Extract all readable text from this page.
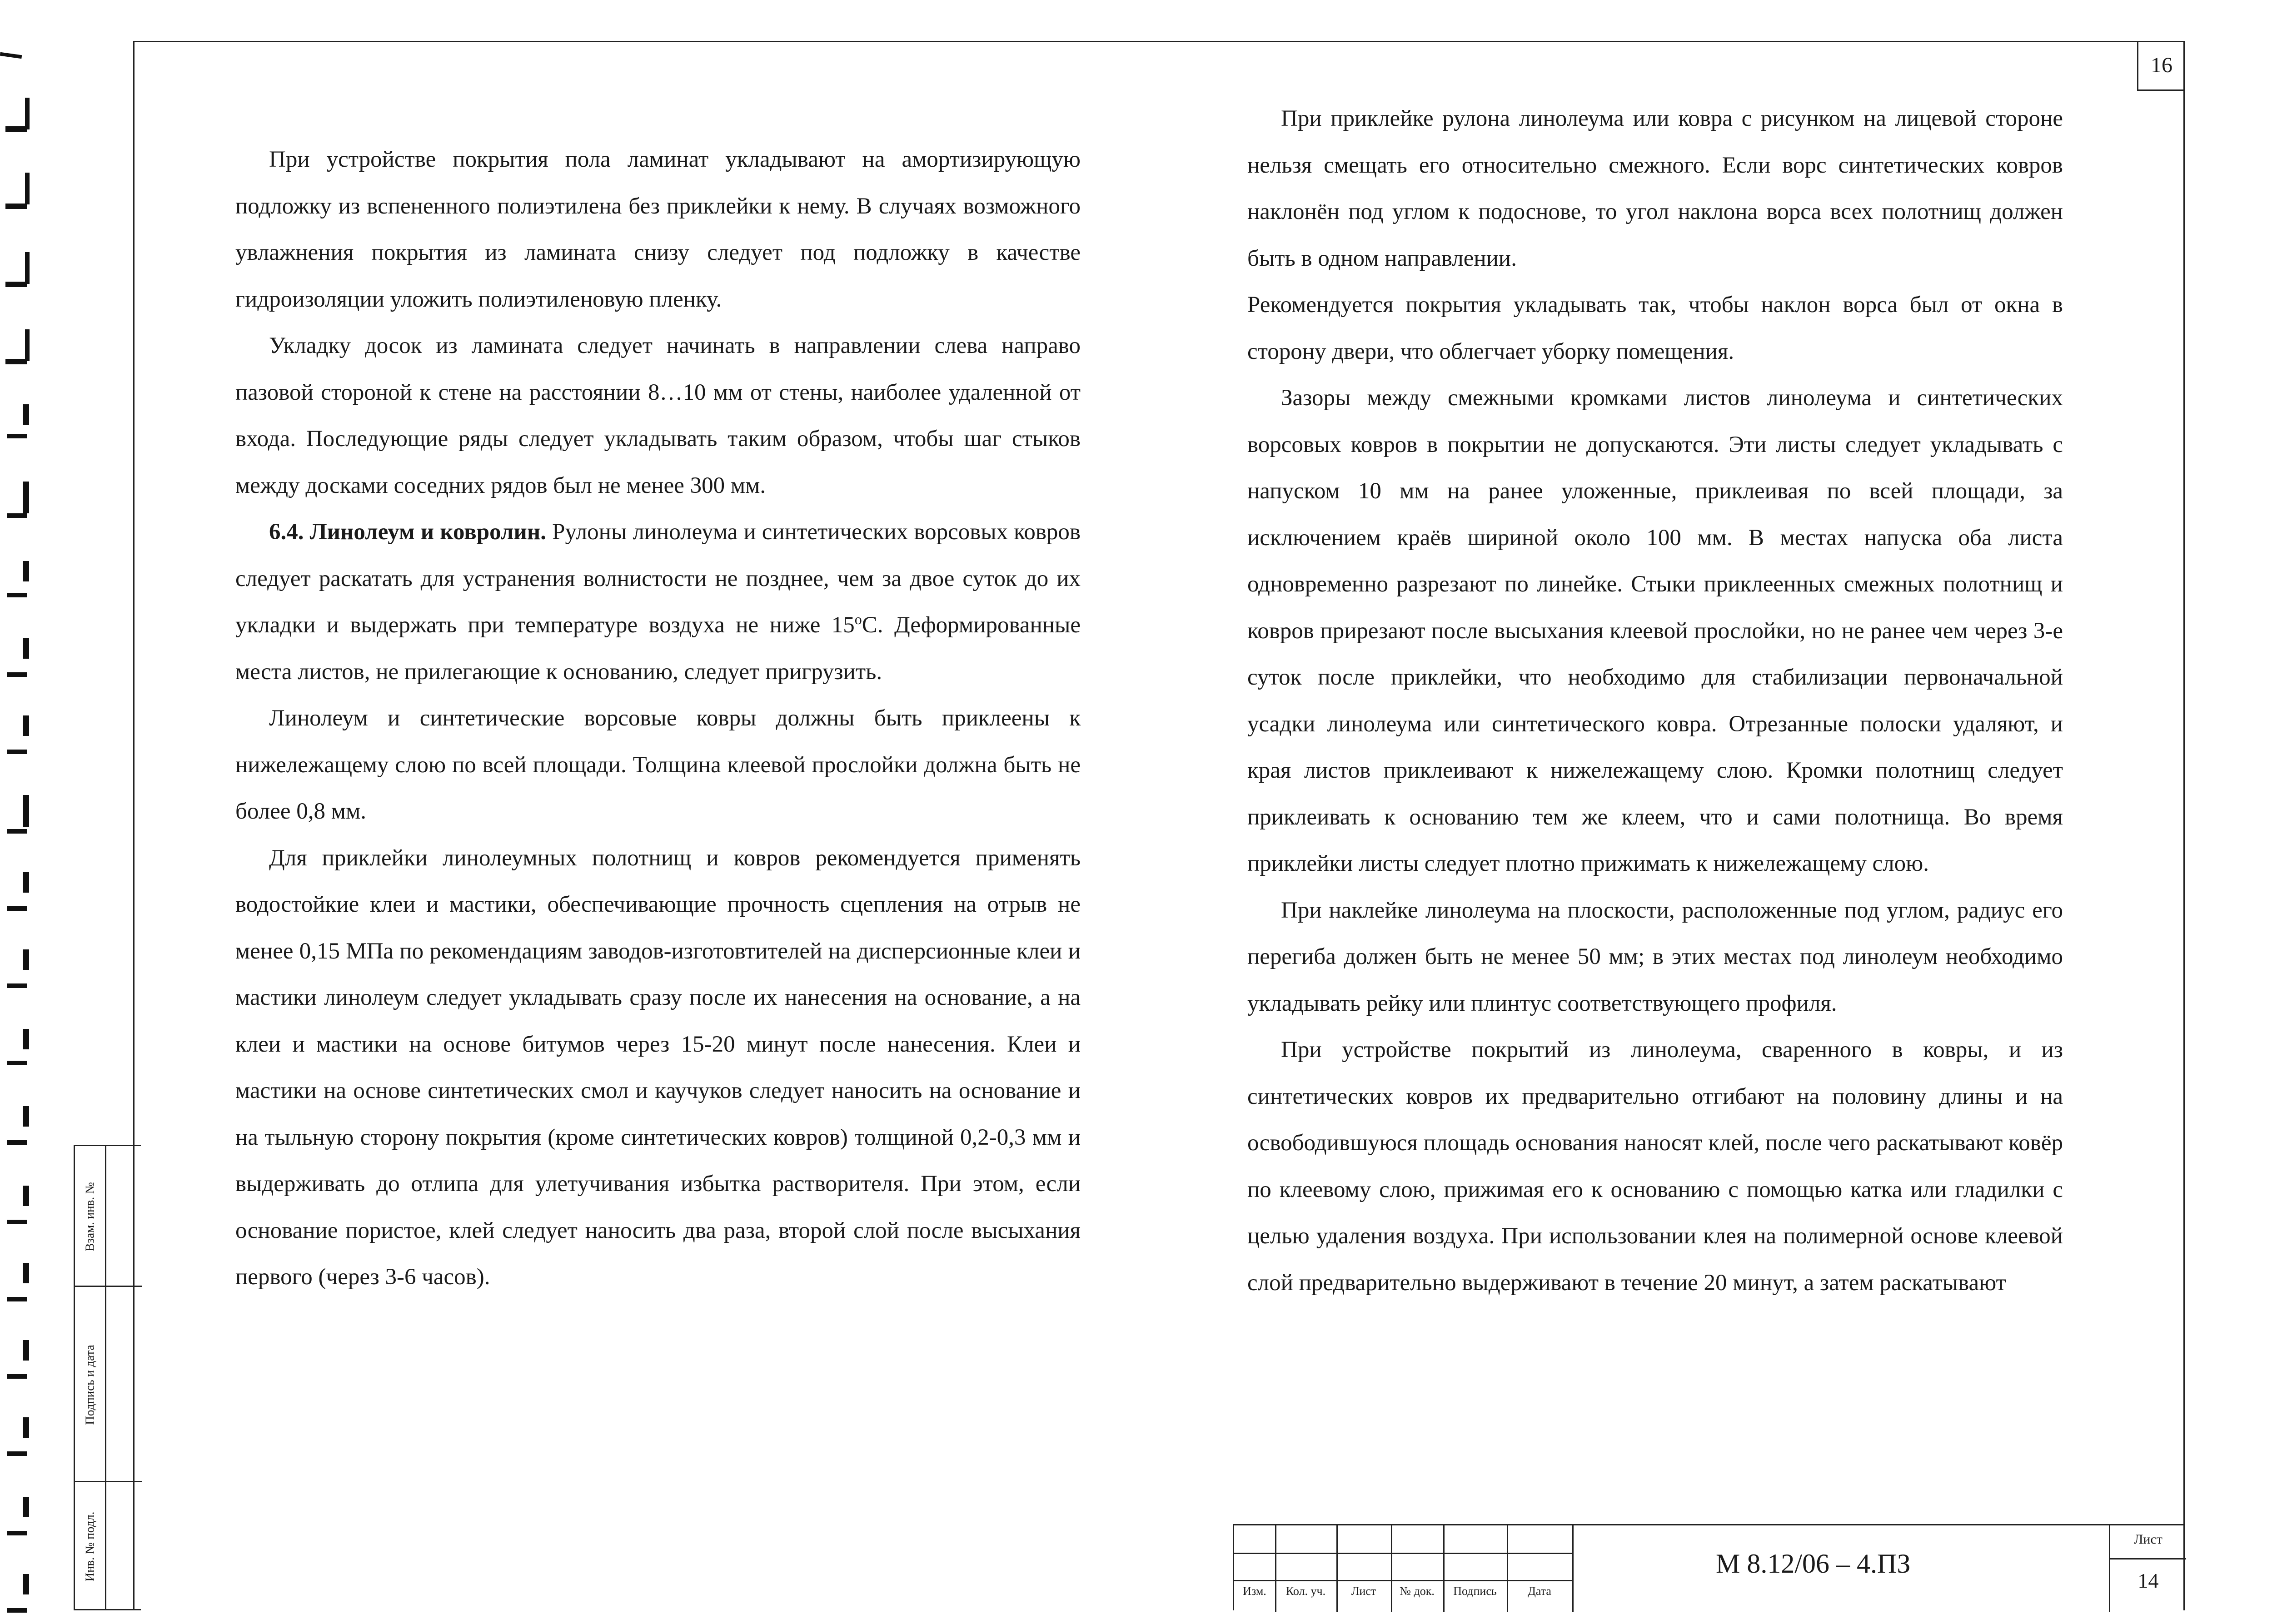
16

При устройстве покрытия пола ламинат укладывают на амортизирующую подложку из вспененного полиэтилена без приклейки к нему. В случаях возможного увлажнения покрытия из ламината снизу следует под подложку в качестве гидроизоляции уложить полиэтиленовую пленку.

Укладку досок из ламината следует начинать в направлении слева направо пазовой стороной к стене на расстоянии 8…10 мм от стены, наиболее удаленной от входа. Последующие ряды следует укладывать таким образом, чтобы шаг стыков между досками соседних рядов был не менее 300 мм.

6.4. Линолеум и ковролин. Рулоны линолеума и синтетических ворсовых ковров следует раскатать для устранения волнистости не позднее, чем за двое суток до их укладки и выдержать при температуре воздуха не ниже 15$^o$С. Деформированные места листов, не прилегающие к основанию, следует пригрузить.

Линолеум и синтетические ворсовые ковры должны быть приклеены к нижележащему слою по всей площади. Толщина клеевой прослойки должна быть не более 0,8 мм.

Для приклейки линолеумных полотнищ и ковров рекомендуется применять водостойкие клеи и мастики, обеспечивающие прочность сцепления на отрыв не менее 0,15 МПа по рекомендациям заводов-изготовтителей на дисперсионные клеи и мастики линолеум следует укладывать сразу после их нанесения на основание, а на клеи и мастики на основе битумов через 15-20 минут после нанесения. Клеи и мастики на основе синтетических смол и каучуков следует наносить на основание и на тыльную сторону покрытия (кроме синтетических ковров) толщиной 0,2-0,3 мм и выдерживать до отлипа для улетучивания избытка растворителя. При этом, если основание пористое, клей следует наносить два раза, второй слой после высыхания первого (через 3-6 часов).

При приклейке рулона линолеума или ковра с рисунком на лицевой стороне нельзя смещать его относительно смежного. Если ворс синтетических ковров наклонён под углом к подоснове, то угол наклона ворса всех полотнищ должен быть в одном направлении.

Рекомендуется покрытия укладывать так, чтобы наклон ворса был от окна в сторону двери, что облегчает уборку помещения.

Зазоры между смежными кромками листов линолеума и синтетических ворсовых ковров в покрытии не допускаются. Эти листы следует укладывать с напуском 10 мм на ранее уложенные, приклеивая по всей площади, за исключением краёв шириной около 100 мм. В местах напуска оба листа одновременно разрезают по линейке. Стыки приклеенных смежных полотнищ и ковров прирезают после высыхания клеевой прослойки, но не ранее чем через 3-е суток после приклейки, что необходимо для стабилизации первоначальной усадки линолеума или синтетического ковра. Отрезанные полоски удаляют, и края листов приклеивают к нижележащему слою. Кромки полотнищ следует приклеивать к основанию тем же клеем, что и сами полотнища. Во время приклейки листы следует плотно прижимать к нижележащему слою.

При наклейке линолеума на плоскости, расположенные под углом, радиус его перегиба должен быть не менее 50 мм; в этих местах под линолеум необходимо укладывать рейку или плинтус соответствующего профиля.

При устройстве покрытий из линолеума, сваренного в ковры, и из синтетических ковров их предварительно отгибают на половину длины и на освободившуюся площадь основания наносят клей, после чего раскатывают ковёр по клеевому слою, прижимая его к основанию с помощью катка или гладилки с целью удаления воздуха. При использовании клея на полимерной основе клеевой слой предварительно выдерживают в течение 20 минут, а затем раскатывают

Взам. инв. №
Подпись и дата
Инв. № подл.
Изм.	Кол. уч.	Лист	№ док.	Подпись	Дата
М 8.12/06 – 4.ПЗ
Лист
14
